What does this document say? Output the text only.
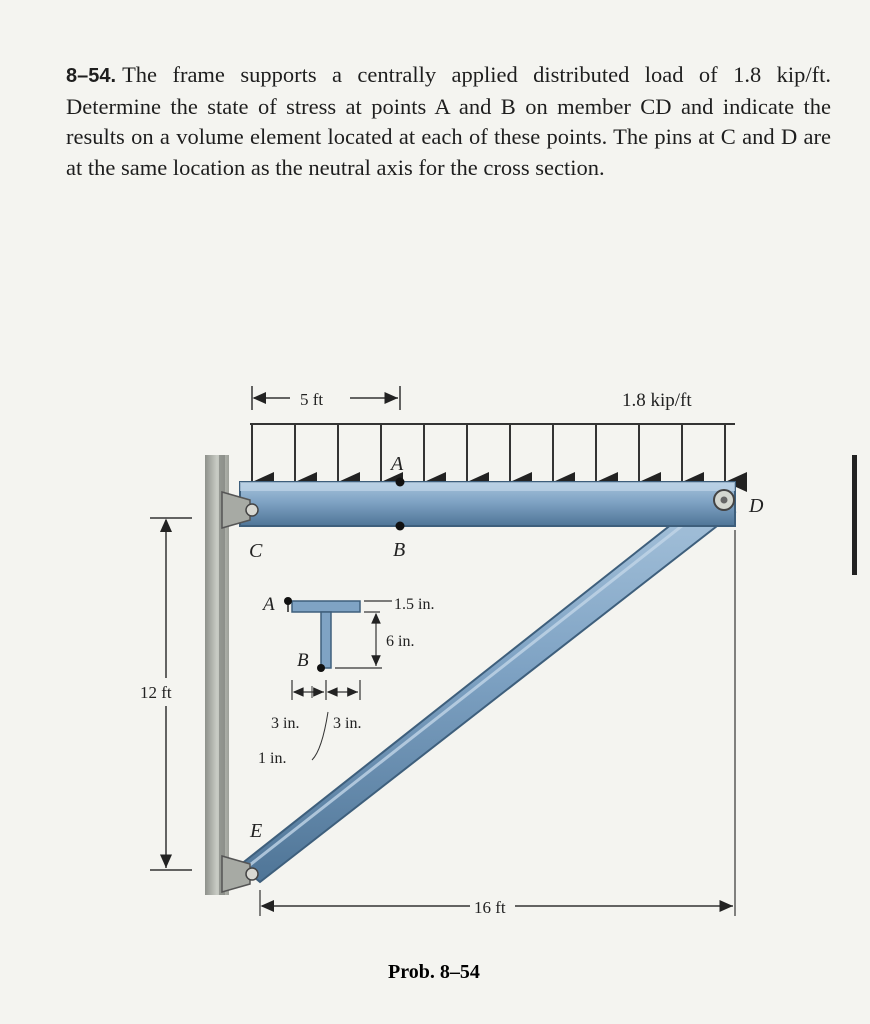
8–54. The frame supports a centrally applied distributed load of 1.8 kip/ft. Determine the state of stress at points A and B on member CD and indicate the results on a volume element located at each of these points. The pins at C and D are at the same location as the neutral axis for the cross section.
5 ft	1.8 kip/ft
A
B
C
D
E
12 ft
16 ft
A
B
1.5 in.
6 in.
3 in. 3 in.
1 in.
Prob. 8–54
